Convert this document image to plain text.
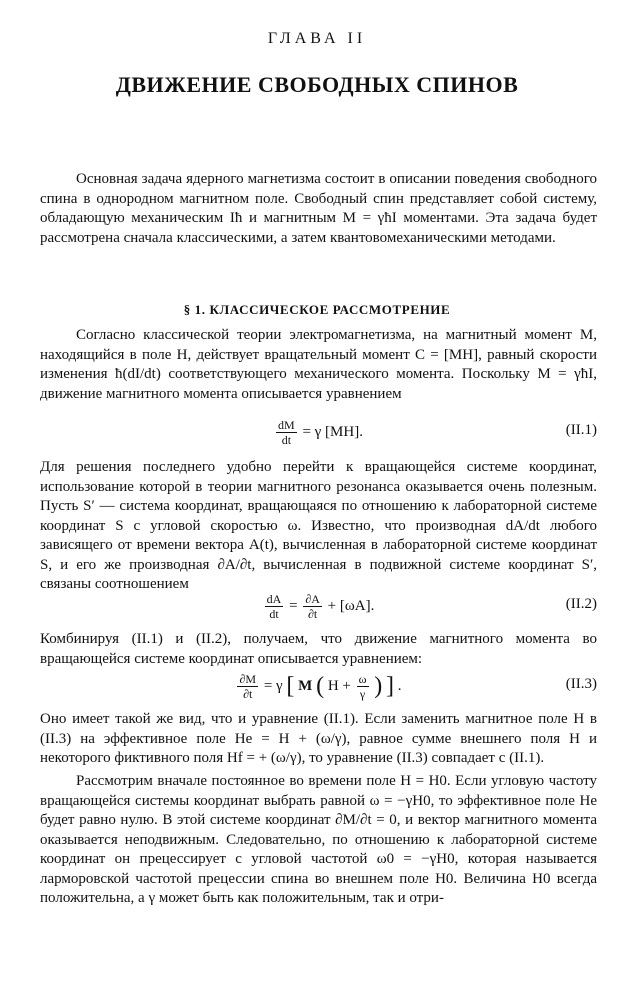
ГЛАВА II
ДВИЖЕНИЕ СВОБОДНЫХ СПИНОВ

Основная задача ядерного магнетизма состоит в описании поведения свободного спина в однородном магнитном поле. Свободный спин представляет собой систему, обладающую механическим Iħ и магнитным M = γħI моментами. Эта задача будет рассмотрена сначала классическими, а затем квантовомеханическими методами.

§ 1. КЛАССИЧЕСКОЕ РАССМОТРЕНИЕ

Согласно классической теории электромагнетизма, на магнитный момент M, находящийся в поле H, действует вращательный момент C = [MH], равный скорости изменения ħ(dI/dt) соответствующего механического момента. Поскольку M = γħI, движение магнитного момента описывается уравнением

$\frac{dM}{dt} = \gamma$ [MH].	(II.1)

Для решения последнего удобно перейти к вращающейся системе координат, использование которой в теории магнитного резонанса оказывается очень полезным. Пусть S′ — система координат, вращающаяся по отношению к лабораторной системе координат S с угловой скоростью ω. Известно, что производная dA/dt любого зависящего от времени вектора A(t), вычисленная в лабораторной системе координат S, и его же производная ∂A/∂t, вычисленная в подвижной системе координат S′, связаны соотношением

$\frac{dA}{dt} = \frac{\partial A}{\partial t} + [\omega A]$.	(II.2)

Комбинируя (II.1) и (II.2), получаем, что движение магнитного момента во вращающейся системе координат описывается уравнением:

$\frac{\partial M}{\partial t} = \gamma$ [ M ( $H + \frac{\omega}{\gamma}$ ) ] .	(II.3)

Оно имеет такой же вид, что и уравнение (II.1). Если заменить магнитное поле H в (II.3) на эффективное поле He = H + (ω/γ), равное сумме внешнего поля H и некоторого фиктивного поля Hf = + (ω/γ), то уравнение (II.3) совпадает с (II.1).

Рассмотрим вначале постоянное во времени поле H = H0. Если угловую частоту вращающейся системы координат выбрать равной ω = −γH0, то эффективное поле He будет равно нулю. В этой системе координат ∂M/∂t = 0, и вектор магнитного момента оказывается неподвижным. Следовательно, по отношению к лабораторной системе координат он прецессирует с угловой частотой ω0 = −γH0, которая называется ларморовской частотой прецессии спина во внешнем поле H0. Величина H0 всегда положительна, а γ может быть как положительным, так и отри-
